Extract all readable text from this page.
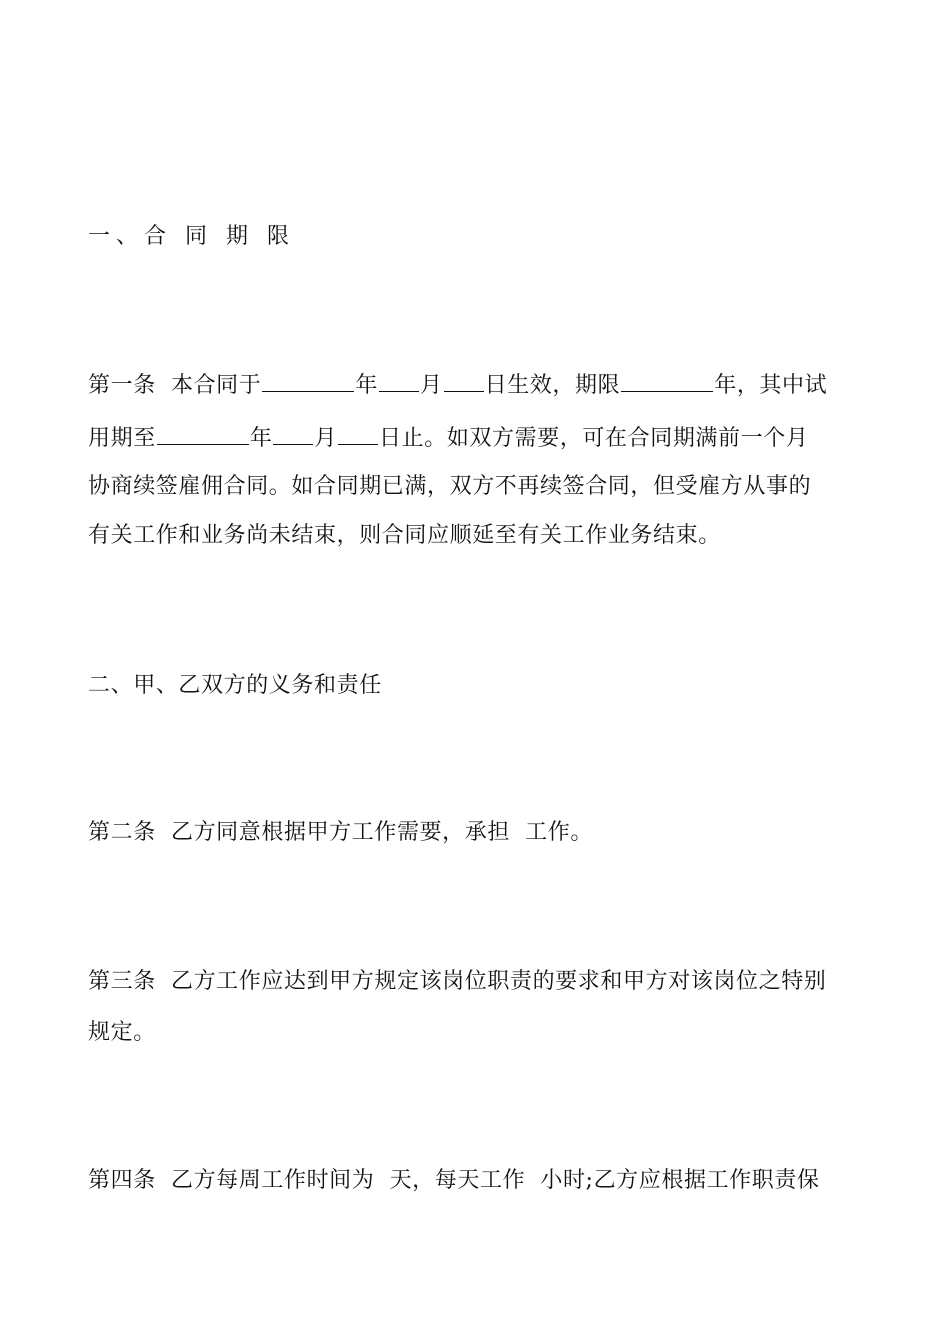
一、合 同 期 限
第一条  本合同于	年 月 日生效，期限	年，其中试
用期至	年 月 日止。如双方需要，可在合同期满前一个月
协商续签雇佣合同。如合同期已满，双方不再续签合同，但受雇方从事的
有关工作和业务尚未结束，则合同应顺延至有关工作业务结束。
二、甲、乙双方的义务和责任
第二条  乙方同意根据甲方工作需要，承担  工作。
第三条  乙方工作应达到甲方规定该岗位职责的要求和甲方对该岗位之特别
规定。
第四条  乙方每周工作时间为  天，每天工作  小时;乙方应根据工作职责保
